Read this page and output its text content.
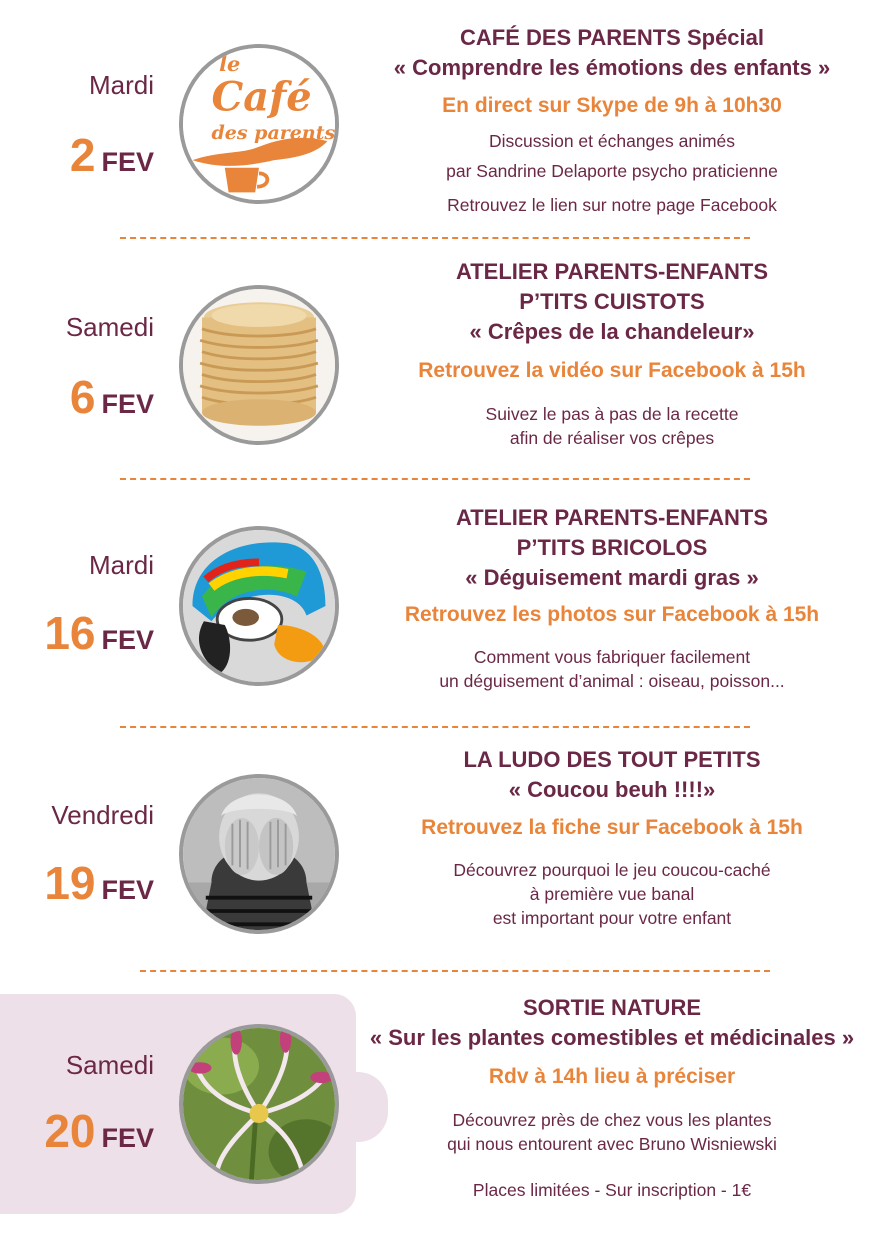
Mardi
2 FEV
le
Café
des parents
CAFÉ DES PARENTS Spécial
« Comprendre les émotions des enfants »
En direct sur Skype de 9h à 10h30
Discussion et échanges animés
par Sandrine Delaporte psycho praticienne
Retrouvez le lien sur notre page Facebook
Samedi
6 FEV
ATELIER PARENTS-ENFANTS
P’TITS CUISTOTS
« Crêpes de la chandeleur»
Retrouvez la vidéo sur Facebook à 15h
Suivez le pas à pas de la recette
afin de réaliser vos crêpes
Mardi
16 FEV
ATELIER PARENTS-ENFANTS
P’TITS BRICOLOS
« Déguisement mardi gras »
Retrouvez les photos sur Facebook à 15h
Comment vous fabriquer facilement
un déguisement d’animal : oiseau, poisson...
Vendredi
19 FEV
LA LUDO DES TOUT PETITS
« Coucou beuh !!!!»
Retrouvez la fiche sur Facebook à 15h
Découvrez pourquoi le jeu coucou-caché
à première vue banal
est important pour votre enfant
Samedi
20 FEV
SORTIE NATURE
« Sur les plantes comestibles et médicinales »
Rdv à 14h lieu à préciser
Découvrez près de chez vous les plantes
qui nous entourent avec Bruno Wisniewski
Places limitées - Sur inscription - 1€
